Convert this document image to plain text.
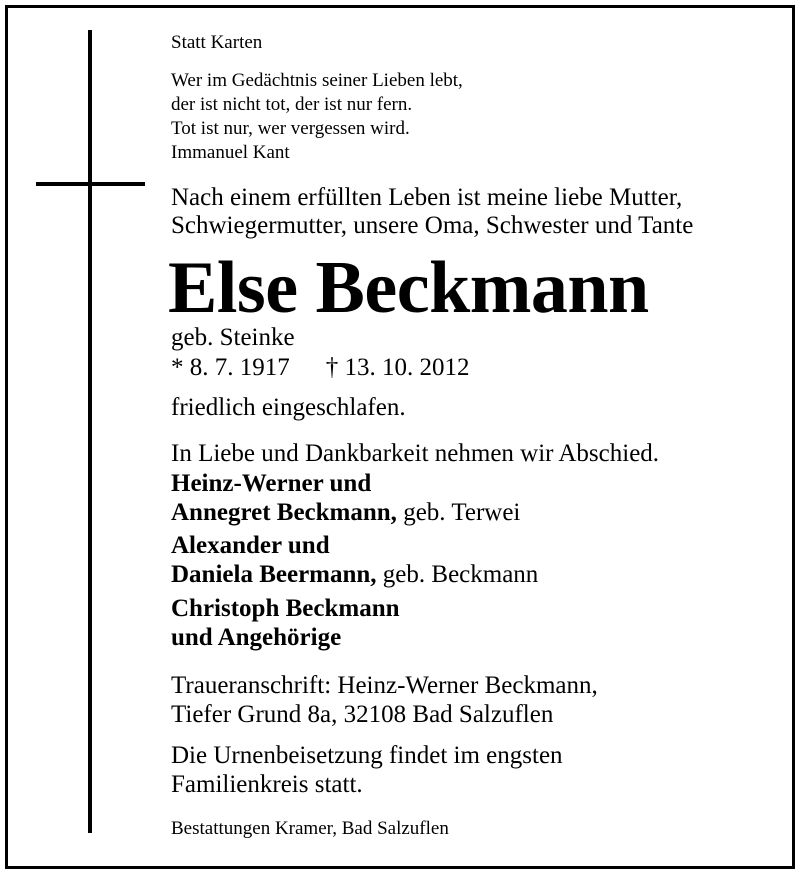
Statt Karten

Wer im Gedächtnis seiner Lieben lebt,

der ist nicht tot, der ist nur fern.

Tot ist nur, wer vergessen wird.

Immanuel Kant

Nach einem erfüllten Leben ist meine liebe Mutter,

Schwiegermutter, unsere Oma, Schwester und Tante

Else Beckmann

geb. Steinke

* 8. 7. 1917 † 13. 10. 2012

friedlich eingeschlafen.

In Liebe und Dankbarkeit nehmen wir Abschied.

Heinz-Werner und

Annegret Beckmann, geb. Terwei

Alexander und

Daniela Beermann, geb. Beckmann

Christoph Beckmann

und Angehörige

Traueranschrift: Heinz-Werner Beckmann,

Tiefer Grund 8a, 32108 Bad Salzuflen

Die Urnenbeisetzung findet im engsten

Familienkreis statt.

Bestattungen Kramer, Bad Salzuflen
